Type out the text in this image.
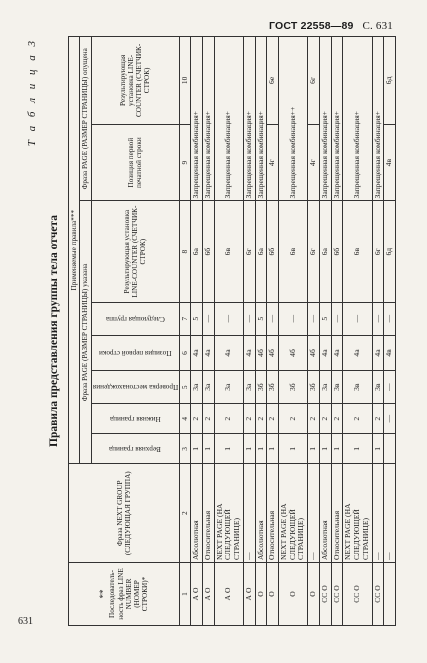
ГОСТ 22558—89 С. 631
Т а б л и ц а 3
Правила представления группы тела отчета
** Последователь-ность фраз LINE NUMBER (НОМЕР СТРОКИ)*	Фраза NEXT GROUP (СЛЕДУЮЩАЯ ГРУППА)	Применяемые правила***							
		Фраза PAGE (РАЗМЕР СТРАНИЦЫ) указана						Фраза PAGE (РАЗМЕР СТРАНИЦЫ) опущена	

		Верхняя граница	Нижняя граница	Проверка местонахождения	Позиция первой строки	Следующая группа	Результирующая установка LINE-COUNTER (СЧЕТЧИК-СТРОК)	Позиция первой печатной строки	Результирующая установка LINE-COUNTER (СЧЕТЧИК-СТРОК)
1	2	3	4	5	6	7	8	9	10
А О	Абсолютная	1	2	3а	4а	5	6а	Запрещенная комбинация+	
А О	Относительная	1	2	3а	4а	—	6б	Запрещенная комбинация+	
А О	NEXT PAGE (НА СЛЕДУЮЩЕЙ СТРАНИЦЕ)	1	2	3а	4а	—	6в	Запрещенная комбинация+	
А О	—	1	2	3а	4а	—	6г	Запрещенная комбинация+	
О	Абсолютная	1	2	3б	4б	5	6а	Запрещенная комбинация+	
О	Относительная	1	2	3б	4б	—	6б	4г	6е
О	NEXT PAGE (НА СЛЕДУЮЩЕЙ СТРАНИЦЕ)	1	2	3б	4б	—	6в	Запрещенная комбинация++	
О	—	1	2	3б	4б	—	6г	4г	6г
СС О	Абсолютная	1	2	3а	4а	5	6а	Запрещенная комбинация+	
СС О	Относительная	1	2	3в	4а	—	6б	Запрещенная комбинация+	
СС О	NEXT PAGE (НА СЛЕДУЮЩЕЙ СТРАНИЦЕ)	1	2	3в	4а	—	6в	Запрещенная комбинация+	
СС О	—	1	2	3в	4а	—	6г	Запрещенная комбинация+	
	—		—	—	4в	—	6д	4в	6д
631
